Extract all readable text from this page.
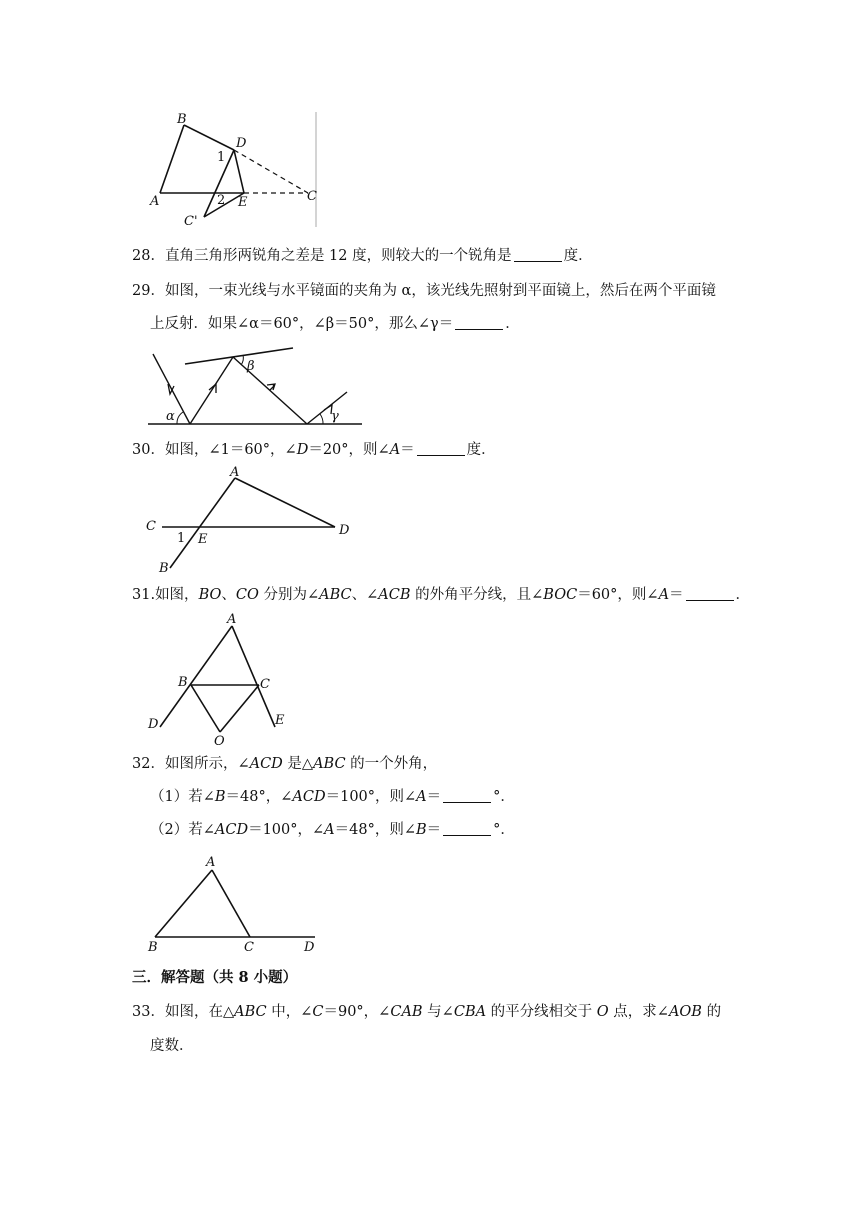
B
D
1
A	2 E
C'
C
28．直角三角形两锐角之差是 12 度，则较大的一个锐角是	度．
29．如图，一束光线与水平镜面的夹角为 α，该光线先照射到平面镜上，然后在两个平面镜
上反射．如果∠α＝60°，∠β＝50°，那么∠γ＝	．
β
α	γ
30．如图，∠1＝60°，∠D＝20°，则∠A＝	度．
A
C	D
1 E
B
31.如图，BO、CO 分别为∠ABC、∠ACB 的外角平分线，且∠BOC＝60°，则∠A＝	．
A
B	C
D	E
O
32．如图所示，∠ACD 是△ABC 的一个外角，
（1）若∠B＝48°，∠ACD＝100°，则∠A＝	°．
（2）若∠ACD＝100°，∠A＝48°，则∠B＝	°．
A
B	C	D
三．解答题（共 8 小题）
33．如图，在△ABC 中，∠C＝90°，∠CAB 与∠CBA 的平分线相交于 O 点，求∠AOB 的
度数．
